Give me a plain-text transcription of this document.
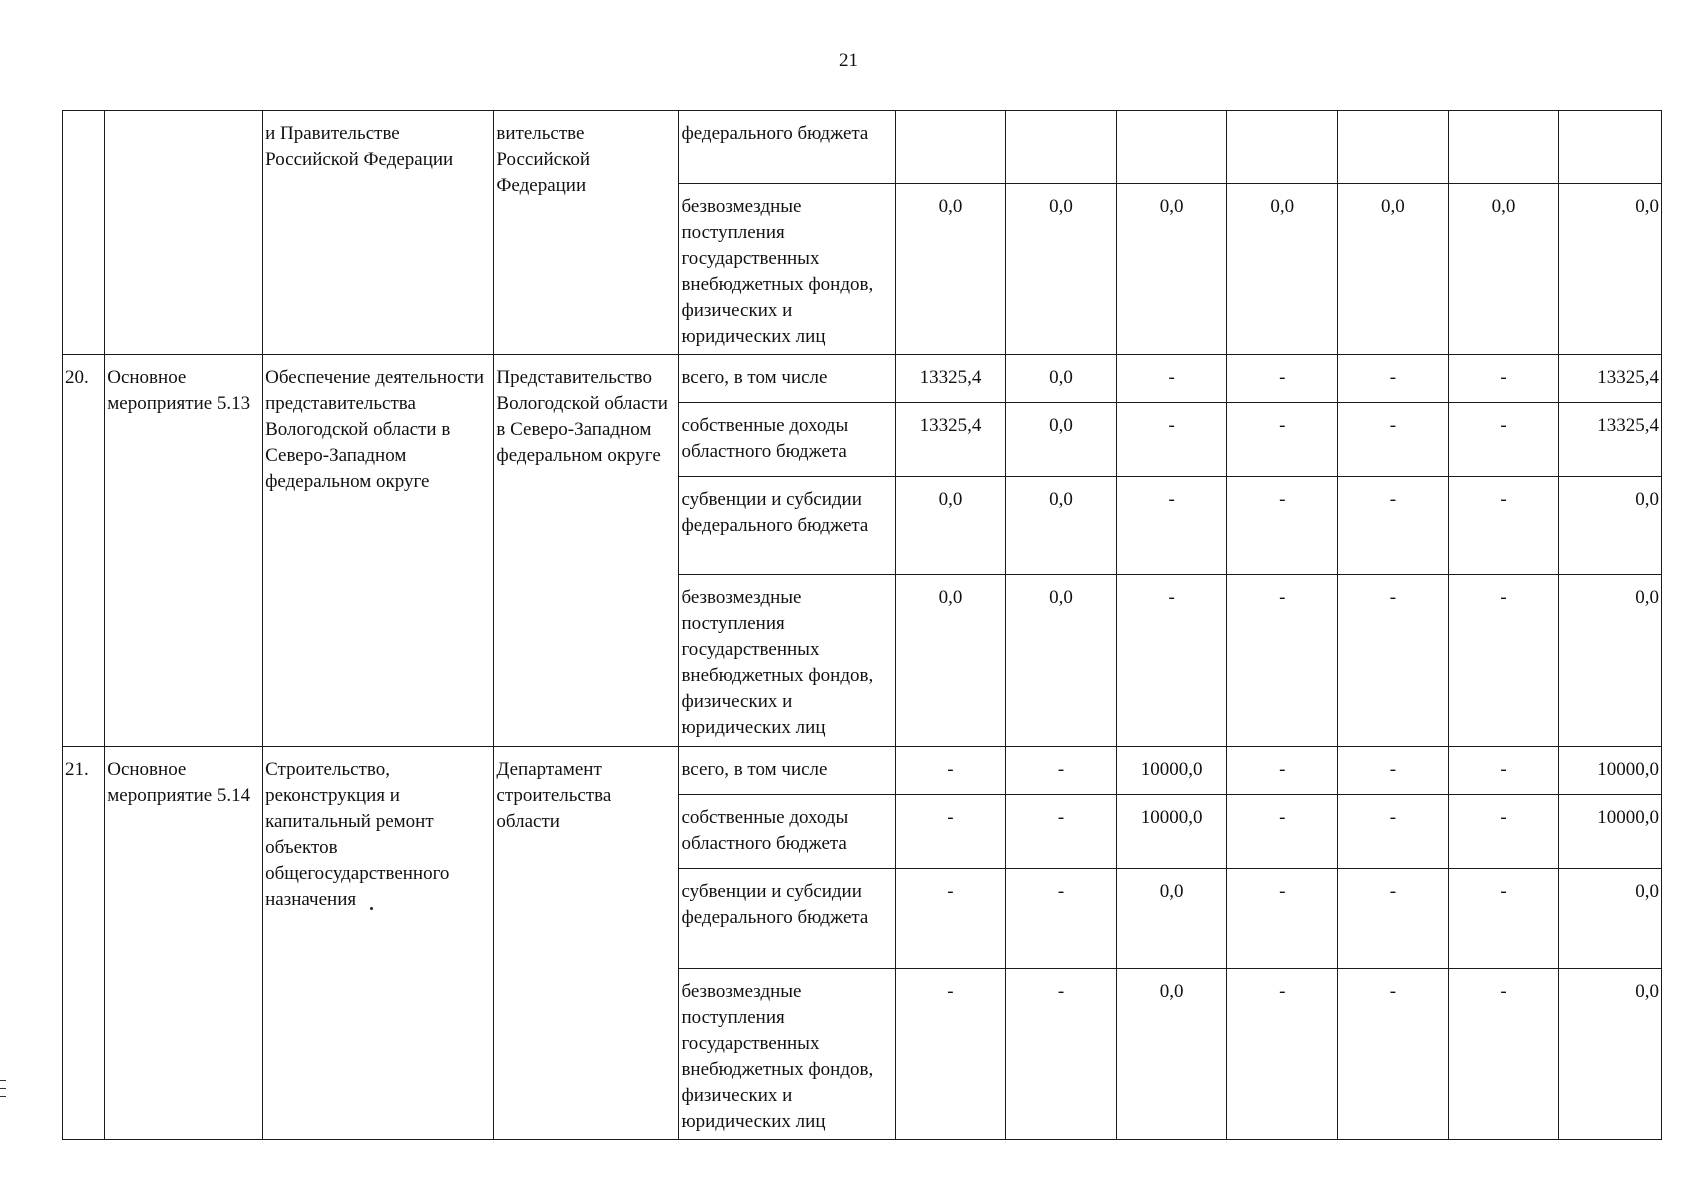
21
		и Правительстве Российской Федерации	вительстве Российской Федерации	федерального бюджета							
				безвозмездные поступления государственных внебюджетных фондов, физических и юридических лиц	0,0	0,0	0,0	0,0	0,0	0,0	0,0
20.	Основное мероприятие 5.13	Обеспечение деятельности представительства Вологодской области в Северо-Западном федеральном округе	Представительство Вологодской области в Северо-Западном федеральном округе	всего, в том числе	13325,4	0,0	-	-	-	-	13325,4
				собственные доходы областного бюджета	13325,4	0,0	-	-	-	-	13325,4
				субвенции и субсидии федерального бюджета	0,0	0,0	-	-	-	-	0,0
				безвозмездные поступления государственных внебюджетных фондов, физических и юридических лиц	0,0	0,0	-	-	-	-	0,0
21.	Основное мероприятие 5.14	Строительство, реконструкция и капитальный ремонт объектов общегосударственного назначения	Департамент строительства области	всего, в том числе	-	-	10000,0	-	-	-	10000,0
				собственные доходы областного бюджета	-	-	10000,0	-	-	-	10000,0
				субвенции и субсидии федерального бюджета	-	-	0,0	-	-	-	0,0
				безвозмездные поступления государственных внебюджетных фондов, физических и юридических лиц	-	-	0,0	-	-	-	0,0
